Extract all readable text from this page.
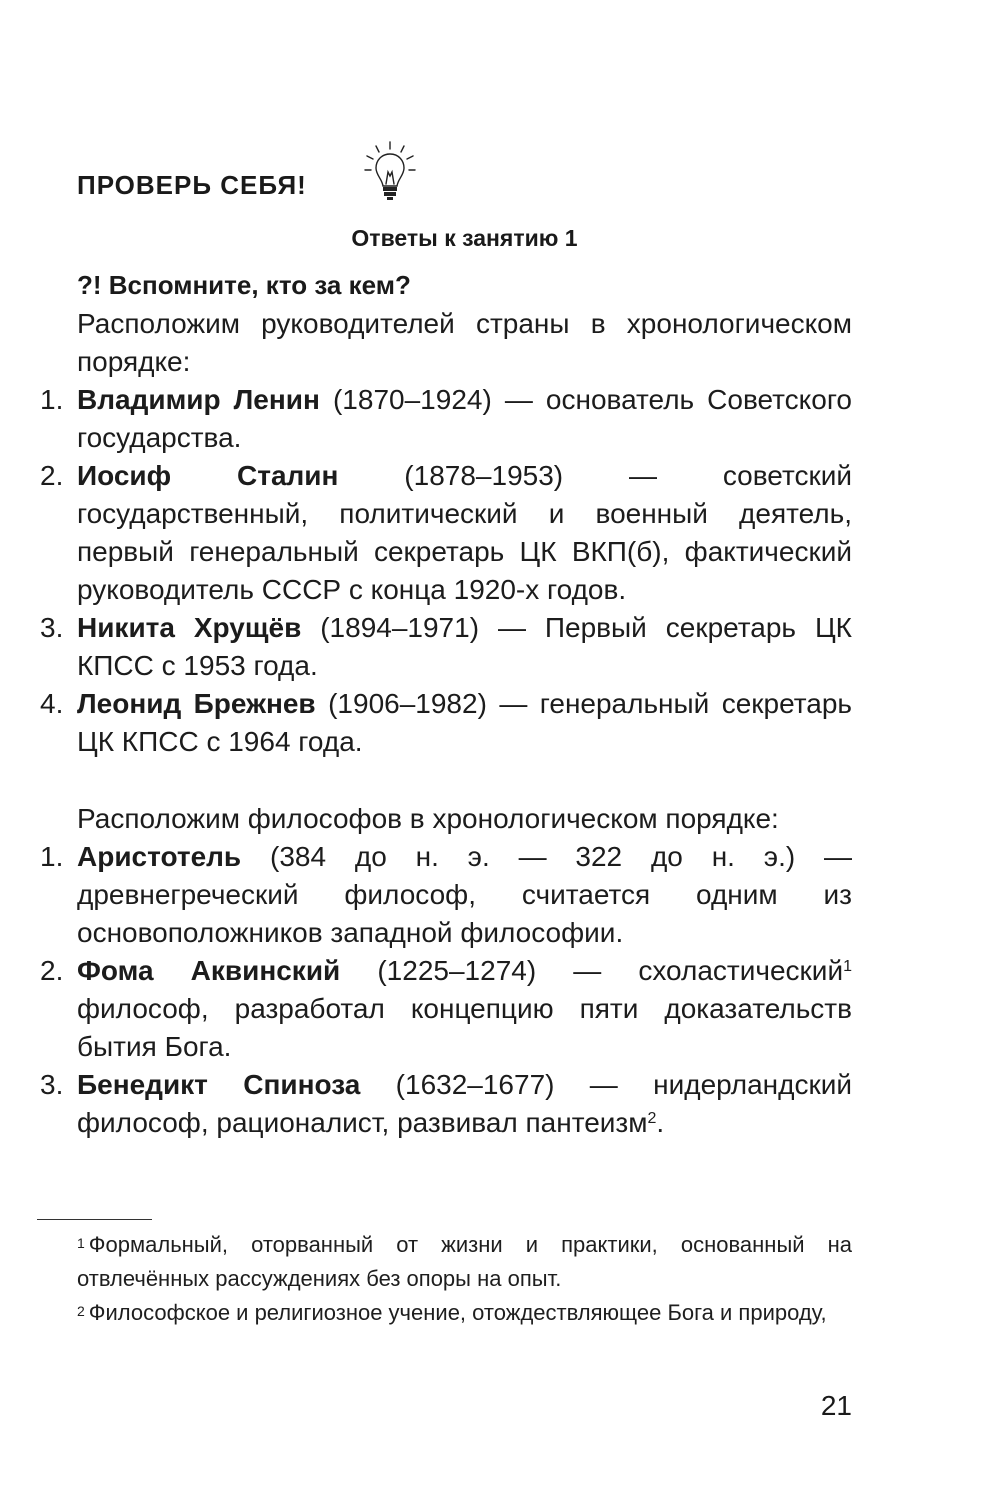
ПРОВЕРЬ СЕБЯ!
Ответы к занятию 1
?! Вспомните, кто за кем?

Расположим руководителей страны в хронологическом порядке:

1. Владимир Ленин (1870–1924) — основатель Советского государства.
2. Иосиф Сталин (1878–1953) — советский государственный, политический и военный деятель, первый генеральный секретарь ЦК ВКП(б), фактический руководитель СССР с конца 1920-х годов.
3. Никита Хрущёв (1894–1971) — Первый секретарь ЦК КПСС с 1953 года.
4. Леонид Брежнев (1906–1982) — генеральный секретарь ЦК КПСС с 1964 года.

Расположим философов в хронологическом порядке:

1. Аристотель (384 до н. э. — 322 до н. э.) — древнегреческий философ, считается одним из основоположников западной философии.
2. Фома Аквинский (1225–1274) — схоластический$^1$ философ, разработал концепцию пяти доказательств бытия Бога.
3. Бенедикт Спиноза (1632–1677) — нидерландский философ, рационалист, развивал пантеизм$^2$.

$^1$ Формальный, оторванный от жизни и практики, основанный на отвлечённых рассуждениях без опоры на опыт.

$^2$ Философское и религиозное учение, отождествляющее Бога и природу,

21
